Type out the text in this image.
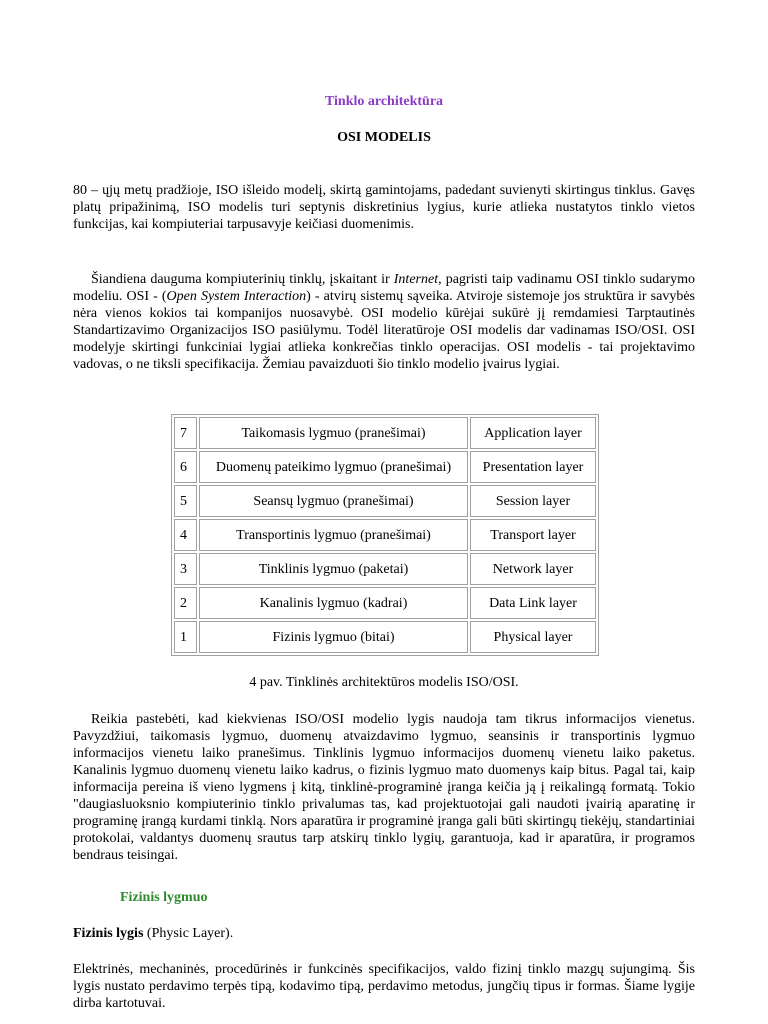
Tinklo architektūra
OSI MODELIS
80 – ųjų metų pradžioje, ISO išleido modelį, skirtą gamintojams, padedant suvienyti skirtingus tinklus. Gavęs platų pripažinimą, ISO modelis turi septynis diskretinius lygius, kurie atlieka nustatytos tinklo vietos funkcijas, kai kompiuteriai tarpusavyje keičiasi duomenimis.
Šiandiena dauguma kompiuterinių tinklų, įskaitant ir Internet, pagristi taip vadinamu OSI tinklo sudarymo modeliu. OSI - (Open System Interaction) - atvirų sistemų sąveika. Atviroje sistemoje jos struktūra ir savybės nėra vienos kokios tai kompanijos nuosavybė. OSI modelio kūrėjai sukūrė jį remdamiesi Tarptautinės Standartizavimo Organizacijos ISO pasiūlymu. Todėl literatūroje OSI modelis dar vadinamas ISO/OSI. OSI modelyje skirtingi funkciniai lygiai atlieka konkrečias tinklo operacijas. OSI modelis - tai projektavimo vadovas, o ne tiksli specifikacija. Žemiau pavaizduoti šio tinklo modelio įvairus lygiai.
7	Taikomasis lygmuo (pranešimai)	Application layer
6	Duomenų pateikimo lygmuo (pranešimai)	Presentation layer
5	Seansų lygmuo (pranešimai)	Session layer
4	Transportinis lygmuo (pranešimai)	Transport layer
3	Tinklinis lygmuo (paketai)	Network layer
2	Kanalinis lygmuo (kadrai)	Data Link layer
1	Fizinis lygmuo (bitai)	Physical layer
4 pav. Tinklinės architektūros modelis ISO/OSI.
Reikia pastebėti, kad kiekvienas ISO/OSI modelio lygis naudoja tam tikrus informacijos vienetus. Pavyzdžiui, taikomasis lygmuo, duomenų atvaizdavimo lygmuo, seansinis ir transportinis lygmuo informacijos vienetu laiko pranešimus. Tinklinis lygmuo informacijos duomenų vienetu laiko paketus. Kanalinis lygmuo duomenų vienetu laiko kadrus, o fizinis lygmuo mato duomenys kaip bitus. Pagal tai, kaip informacija pereina iš vieno lygmens į kitą, tinklinė-programinė įranga keičia ją į reikalingą formatą. Tokio "daugiasluoksnio kompiuterinio tinklo privalumas tas, kad projektuotojai gali naudoti įvairią aparatinę ir programinę įrangą kurdami tinklą. Nors aparatūra ir programinė įranga gali būti skirtingų tiekėjų, standartiniai protokolai, valdantys duomenų srautus tarp atskirų tinklo lygių, garantuoja, kad ir aparatūra, ir programos bendraus teisingai.
Fizinis lygmuo
Fizinis lygis (Physic Layer).
Elektrinės, mechaninės, procedūrinės ir funkcinės specifikacijos, valdo fizinį tinklo mazgų sujungimą. Šis lygis nustato perdavimo terpės tipą, kodavimo tipą, perdavimo metodus, jungčių tipus ir formas. Šiame lygije dirba kartotuvai.
